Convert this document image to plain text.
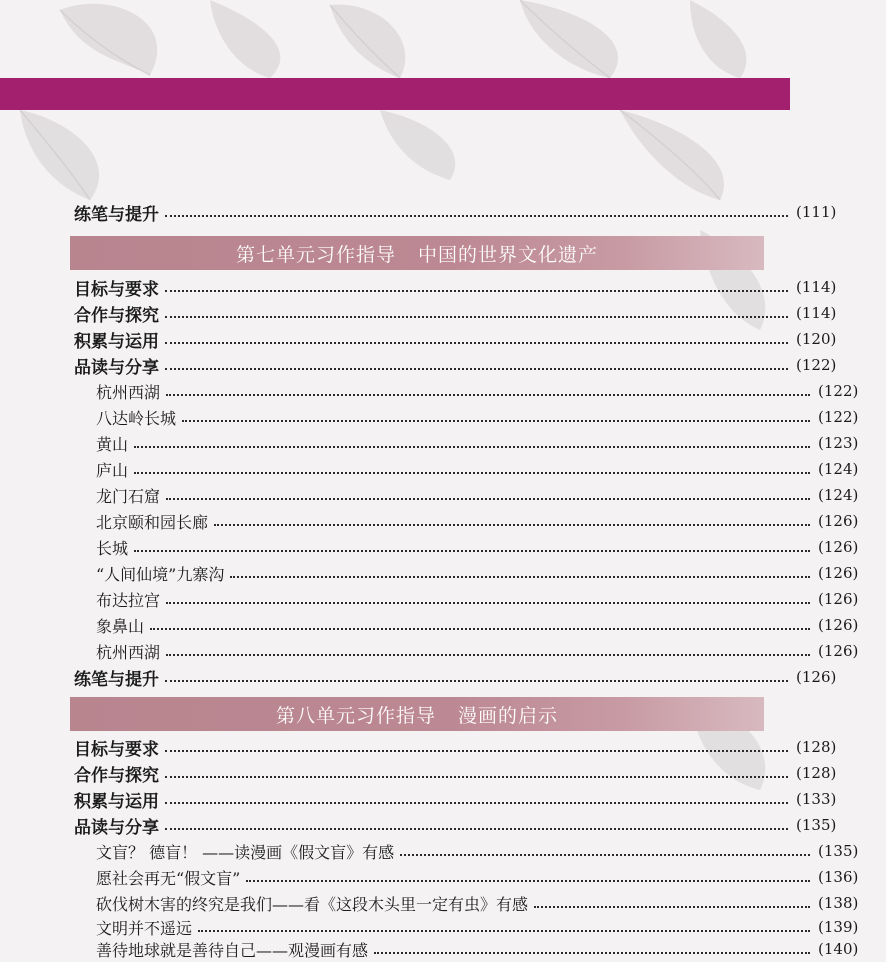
练笔与提升	(111)
第七单元习作指导 中国的世界文化遗产
目标与要求	(114)
合作与探究	(114)
积累与运用	(120)
品读与分享	(122)
杭州西湖	(122)
八达岭长城	(122)
黄山	(123)
庐山	(124)
龙门石窟	(124)
北京颐和园长廊	(126)
长城	(126)
“人间仙境”九寨沟	(126)
布达拉宫	(126)
象鼻山	(126)
杭州西湖	(126)
练笔与提升	(126)
第八单元习作指导 漫画的启示
目标与要求	(128)
合作与探究	(128)
积累与运用	(133)
品读与分享	(135)
文盲？ 德盲！ ——读漫画《假文盲》有感	(135)
愿社会再无“假文盲”	(136)
砍伐树木害的终究是我们——看《这段木头里一定有虫》有感	(138)
文明并不遥远	(139)
善待地球就是善待自己——观漫画有感	(140)
